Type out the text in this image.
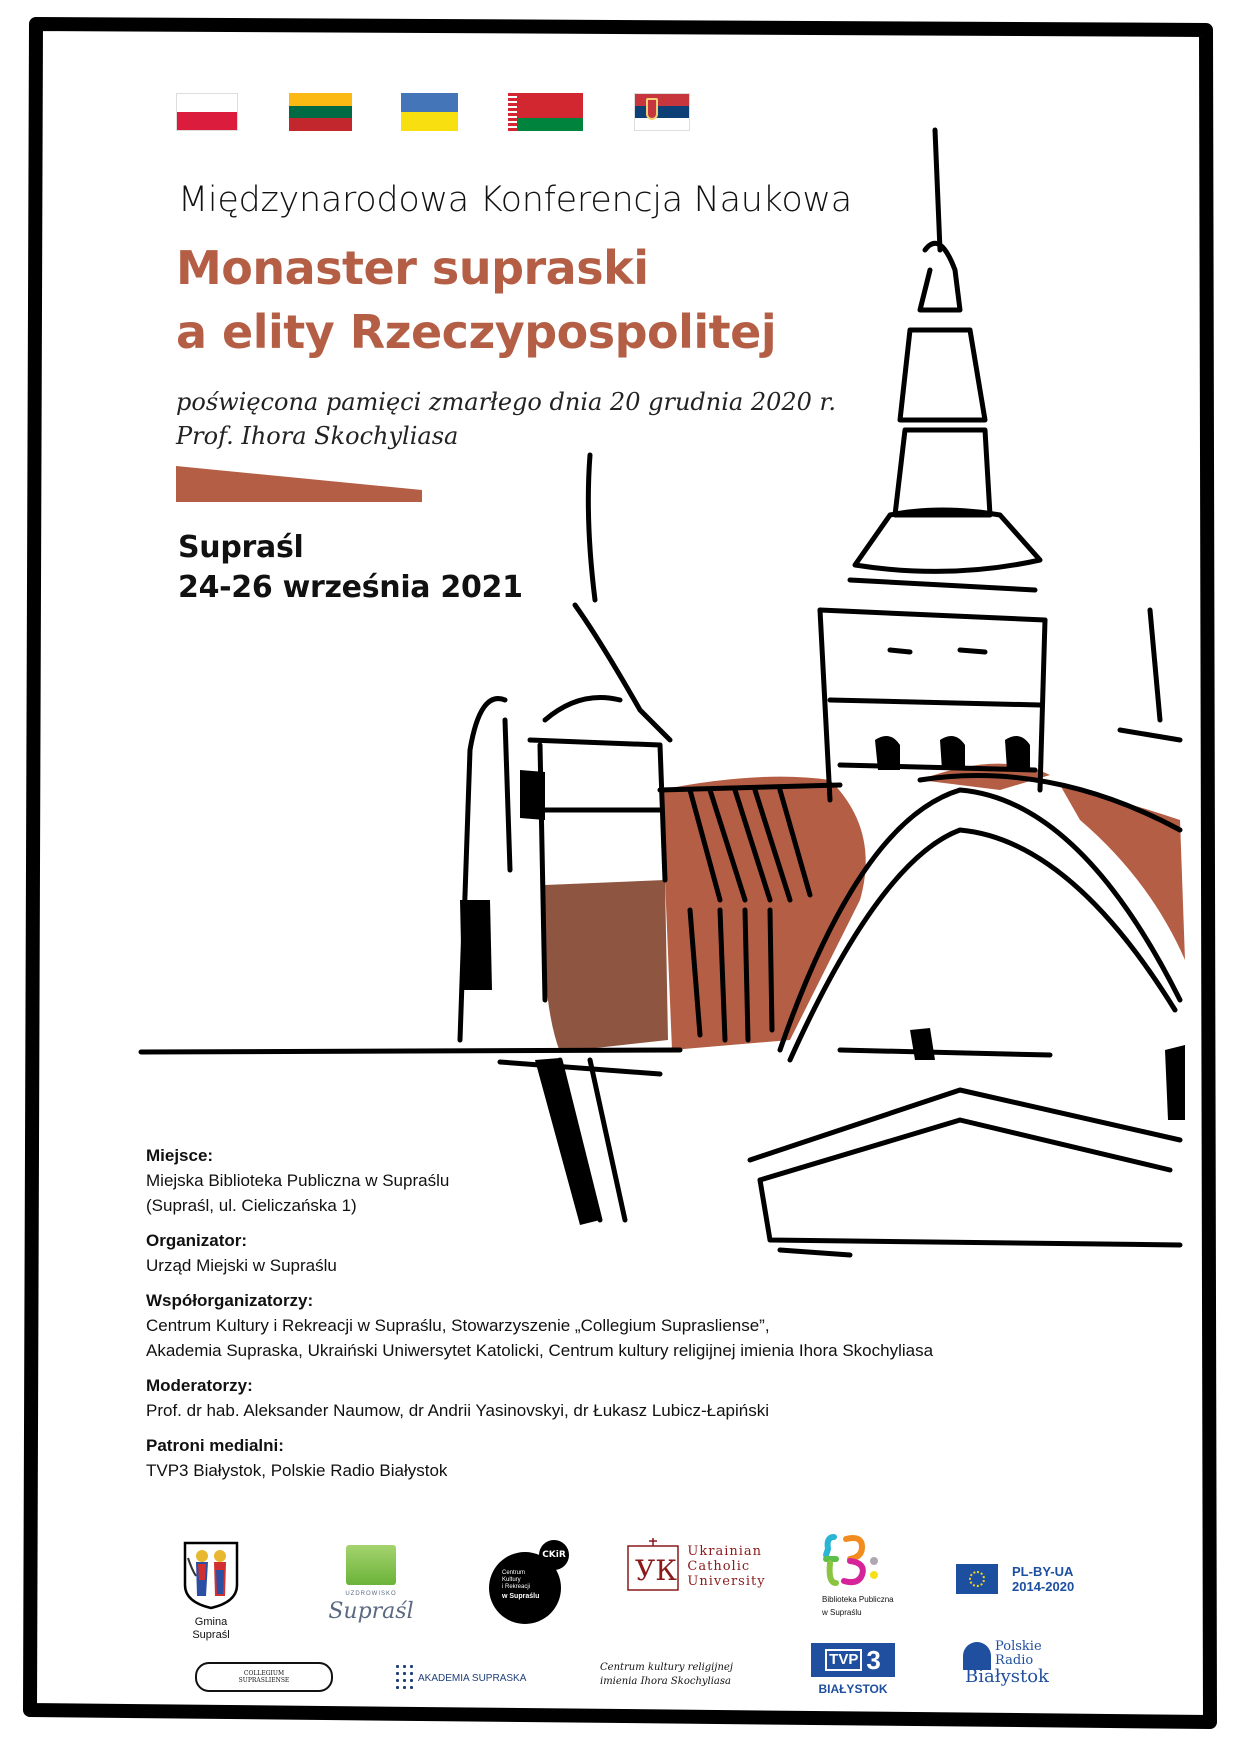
Międzynarodowa Konferencja Naukowa
Monaster supraski
a elity Rzeczypospolitej
poświęcona pamięci zmarłego dnia 20 grudnia 2020 r.
Prof. Ihora Skochyliasa
Supraśl
24-26 września 2021
Miejsce:
Miejska Biblioteka Publiczna w Supraślu
(Supraśl, ul. Cieliczańska 1)
Organizator:
Urząd Miejski w Supraślu
Współorganizatorzy:
Centrum Kultury i Rekreacji w Supraślu, Stowarzyszenie „Collegium Suprasliense”,
Akademia Supraska, Ukraiński Uniwersytet Katolicki, Centrum kultury religijnej imienia Ihora Skochyliasa
Moderatorzy:
Prof. dr hab. Aleksander Naumow, dr Andrii Yasinovskyi, dr Łukasz Lubicz-Łapiński
Patroni medialni:
TVP3 Białystok, Polskie Radio Białystok
Gmina
Supraśl
UZDROWISKO
Supraśl
CKiR
Centrum
Kultury
i Rekreacji
w Supraślu
УК
Ukrainian
Catholic
University
Biblioteka Publiczna
w Supraślu
PL-BY-UA
2014-2020
COLLEGIUM
SUPRASLIENSE	AKADEMIA SUPRASKA
Centrum kultury religijnej
imienia Ihora Skochyliasa
TVP 3
BIAŁYSTOK
Polskie
Radio
Białystok
